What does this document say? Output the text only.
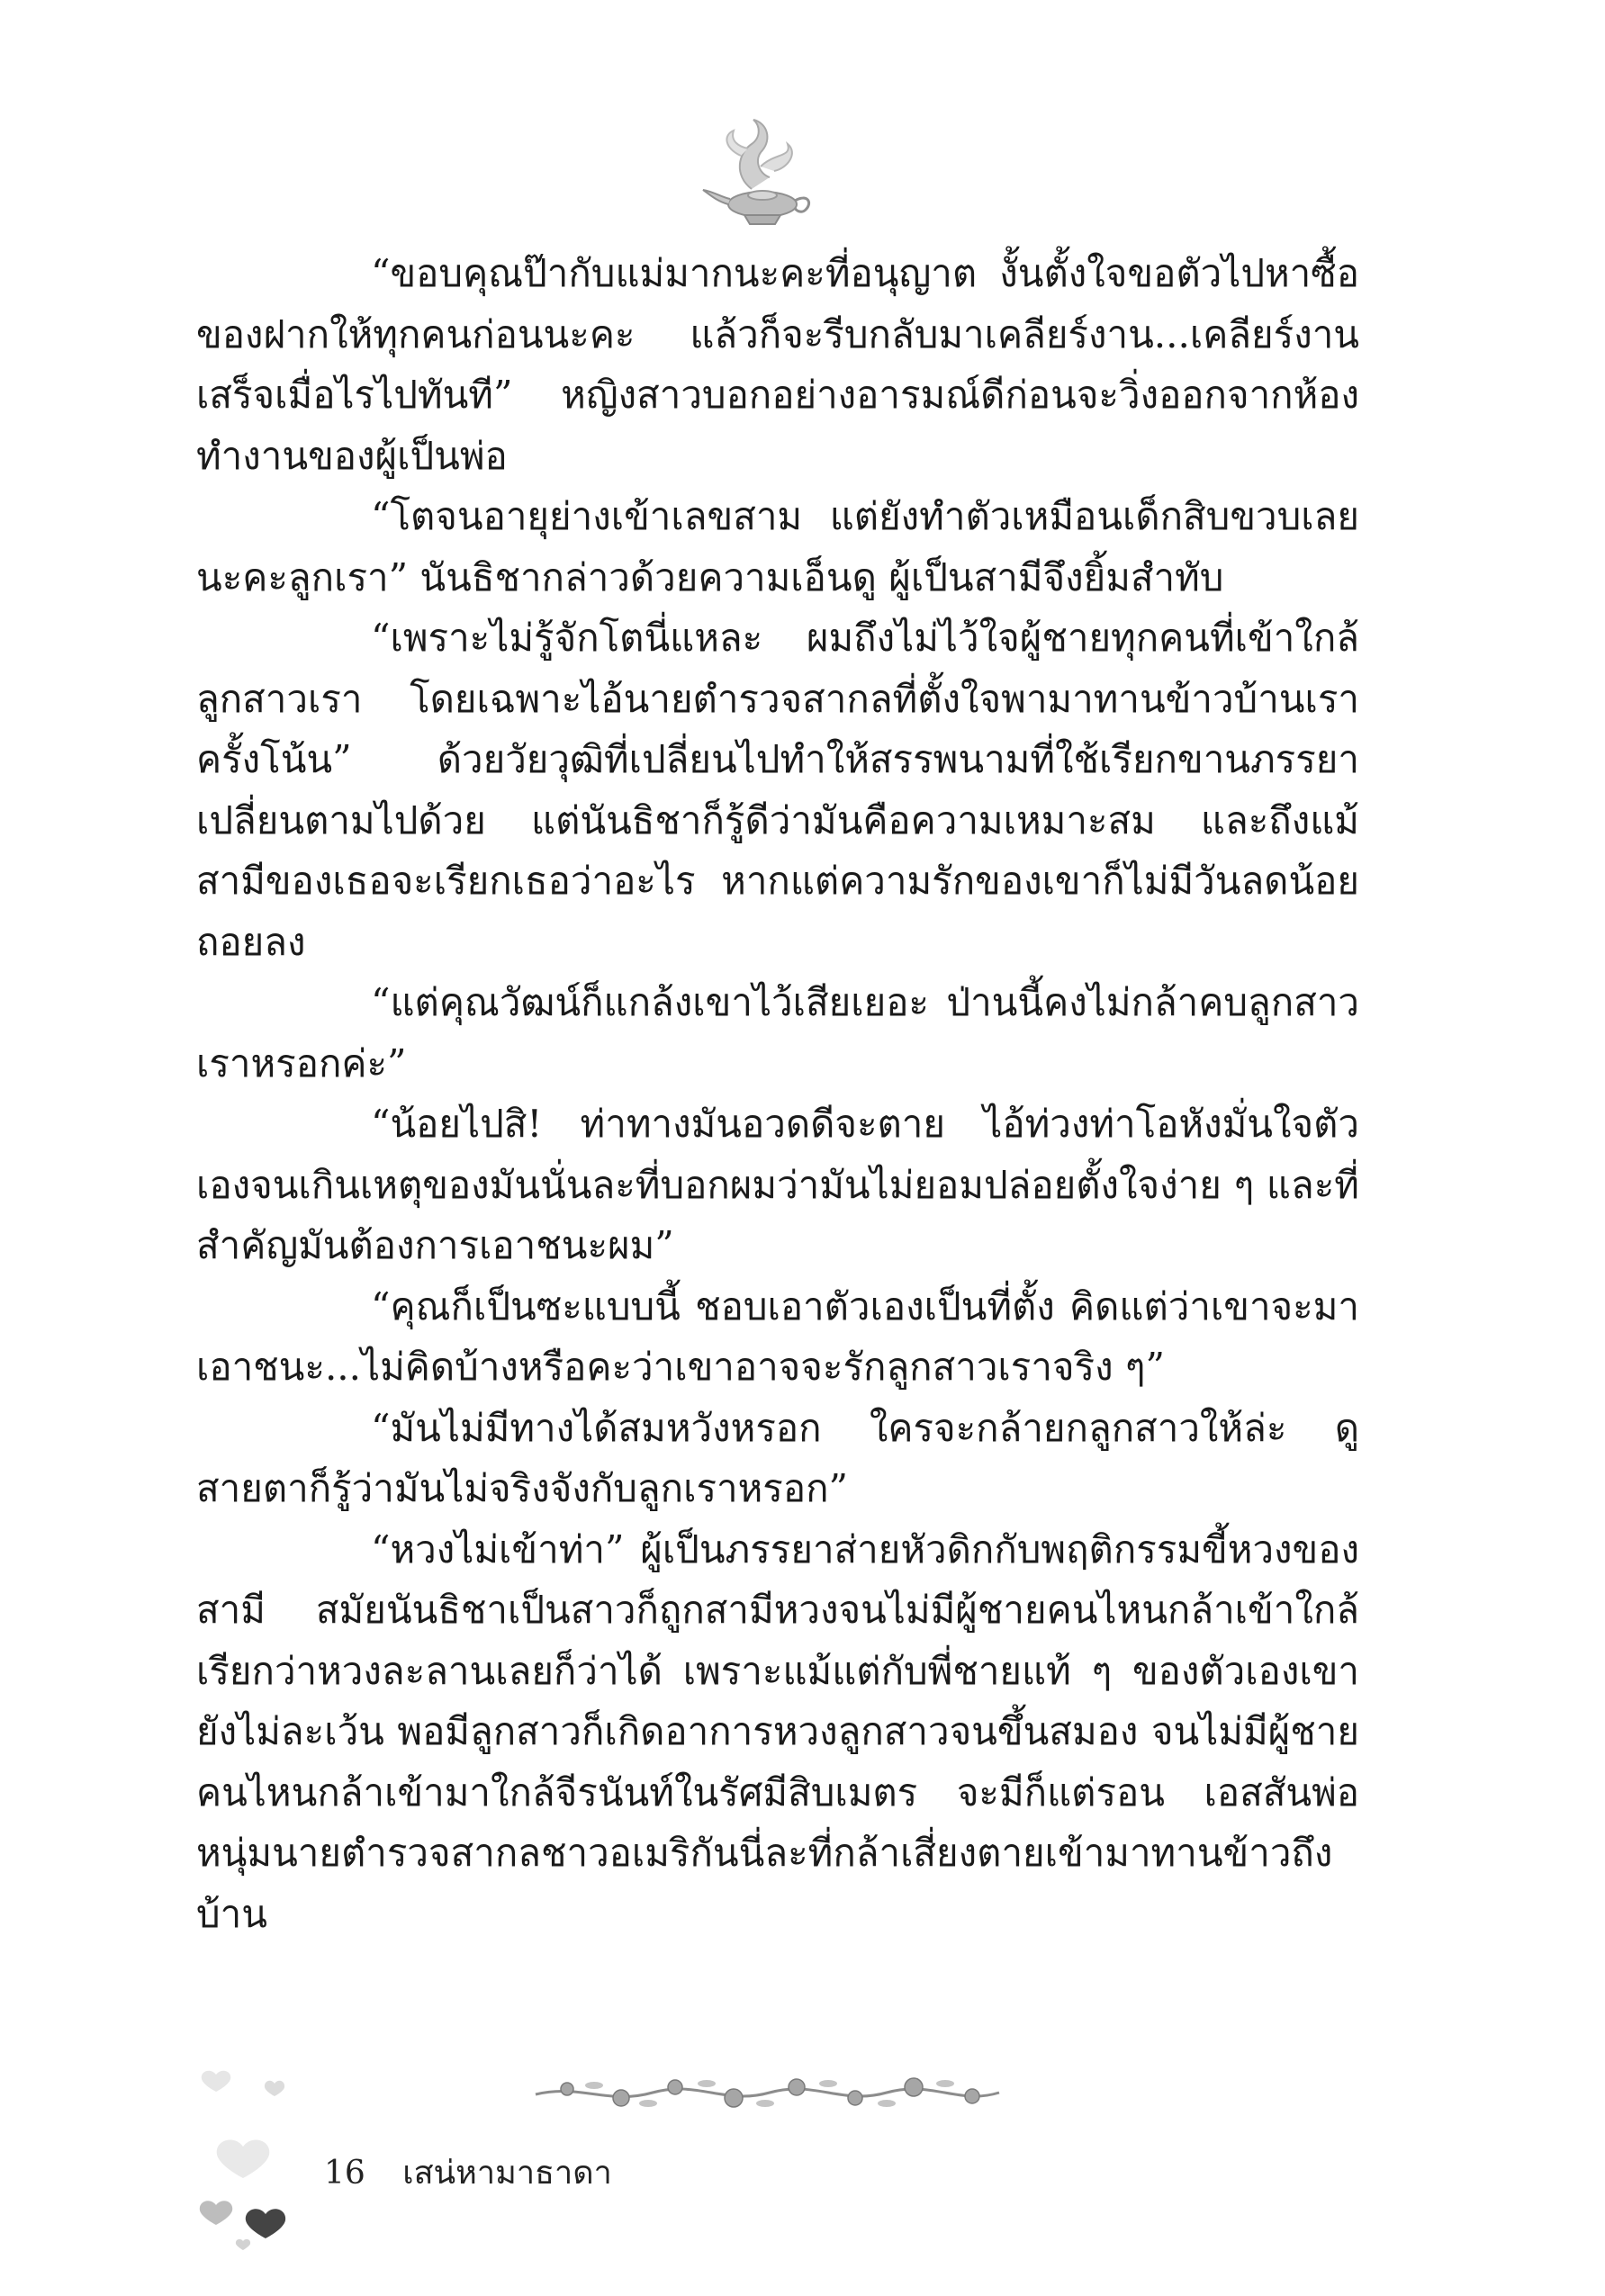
“ขอบคุณป๊ากับแม่มากนะคะที่อนุญาต งั้นตั้งใจขอตัวไปหาซื้อของฝากให้ทุกคนก่อนนะคะ แล้วก็จะรีบกลับมาเคลียร์งาน...เคลียร์งานเสร็จเมื่อไรไปทันที” หญิงสาวบอกอย่างอารมณ์ดีก่อนจะวิ่งออกจากห้องทำงานของผู้เป็นพ่อ

“โตจนอายุย่างเข้าเลขสาม แต่ยังทำตัวเหมือนเด็กสิบขวบเลยนะคะลูกเรา” นันธิชากล่าวด้วยความเอ็นดู ผู้เป็นสามีจึงยิ้มสำทับ

“เพราะไม่รู้จักโตนี่แหละ ผมถึงไม่ไว้ใจผู้ชายทุกคนที่เข้าใกล้ลูกสาวเรา โดยเฉพาะไอ้นายตำรวจสากลที่ตั้งใจพามาทานข้าวบ้านเราครั้งโน้น” ด้วยวัยวุฒิที่เปลี่ยนไปทำให้สรรพนามที่ใช้เรียกขานภรรยาเปลี่ยนตามไปด้วย แต่นันธิชาก็รู้ดีว่ามันคือความเหมาะสม และถึงแม้สามีของเธอจะเรียกเธอว่าอะไร หากแต่ความรักของเขาก็ไม่มีวันลดน้อยถอยลง

“แต่คุณวัฒน์ก็แกล้งเขาไว้เสียเยอะ ป่านนี้คงไม่กล้าคบลูกสาวเราหรอกค่ะ”

“น้อยไปสิ! ท่าทางมันอวดดีจะตาย ไอ้ท่วงท่าโอหังมั่นใจตัวเองจนเกินเหตุของมันนั่นละที่บอกผมว่ามันไม่ยอมปล่อยตั้งใจง่าย ๆ และที่สำคัญมันต้องการเอาชนะผม”

“คุณก็เป็นซะแบบนี้ ชอบเอาตัวเองเป็นที่ตั้ง คิดแต่ว่าเขาจะมาเอาชนะ...ไม่คิดบ้างหรือคะว่าเขาอาจจะรักลูกสาวเราจริง ๆ”

“มันไม่มีทางได้สมหวังหรอก ใครจะกล้ายกลูกสาวให้ล่ะ ดูสายตาก็รู้ว่ามันไม่จริงจังกับลูกเราหรอก”

“หวงไม่เข้าท่า” ผู้เป็นภรรยาส่ายหัวดิกกับพฤติกรรมขี้หวงของสามี สมัยนันธิชาเป็นสาวก็ถูกสามีหวงจนไม่มีผู้ชายคนไหนกล้าเข้าใกล้ เรียกว่าหวงละลานเลยก็ว่าได้ เพราะแม้แต่กับพี่ชายแท้ ๆ ของตัวเองเขายังไม่ละเว้น พอมีลูกสาวก็เกิดอาการหวงลูกสาวจนขึ้นสมอง จนไม่มีผู้ชายคนไหนกล้าเข้ามาใกล้จีรนันท์ในรัศมีสิบเมตร จะมีก็แต่รอน เอสสันพ่อหนุ่มนายตำรวจสากลชาวอเมริกันนี่ละที่กล้าเสี่ยงตายเข้ามาทานข้าวถึงบ้าน

16 เสน่หามาธาดา
